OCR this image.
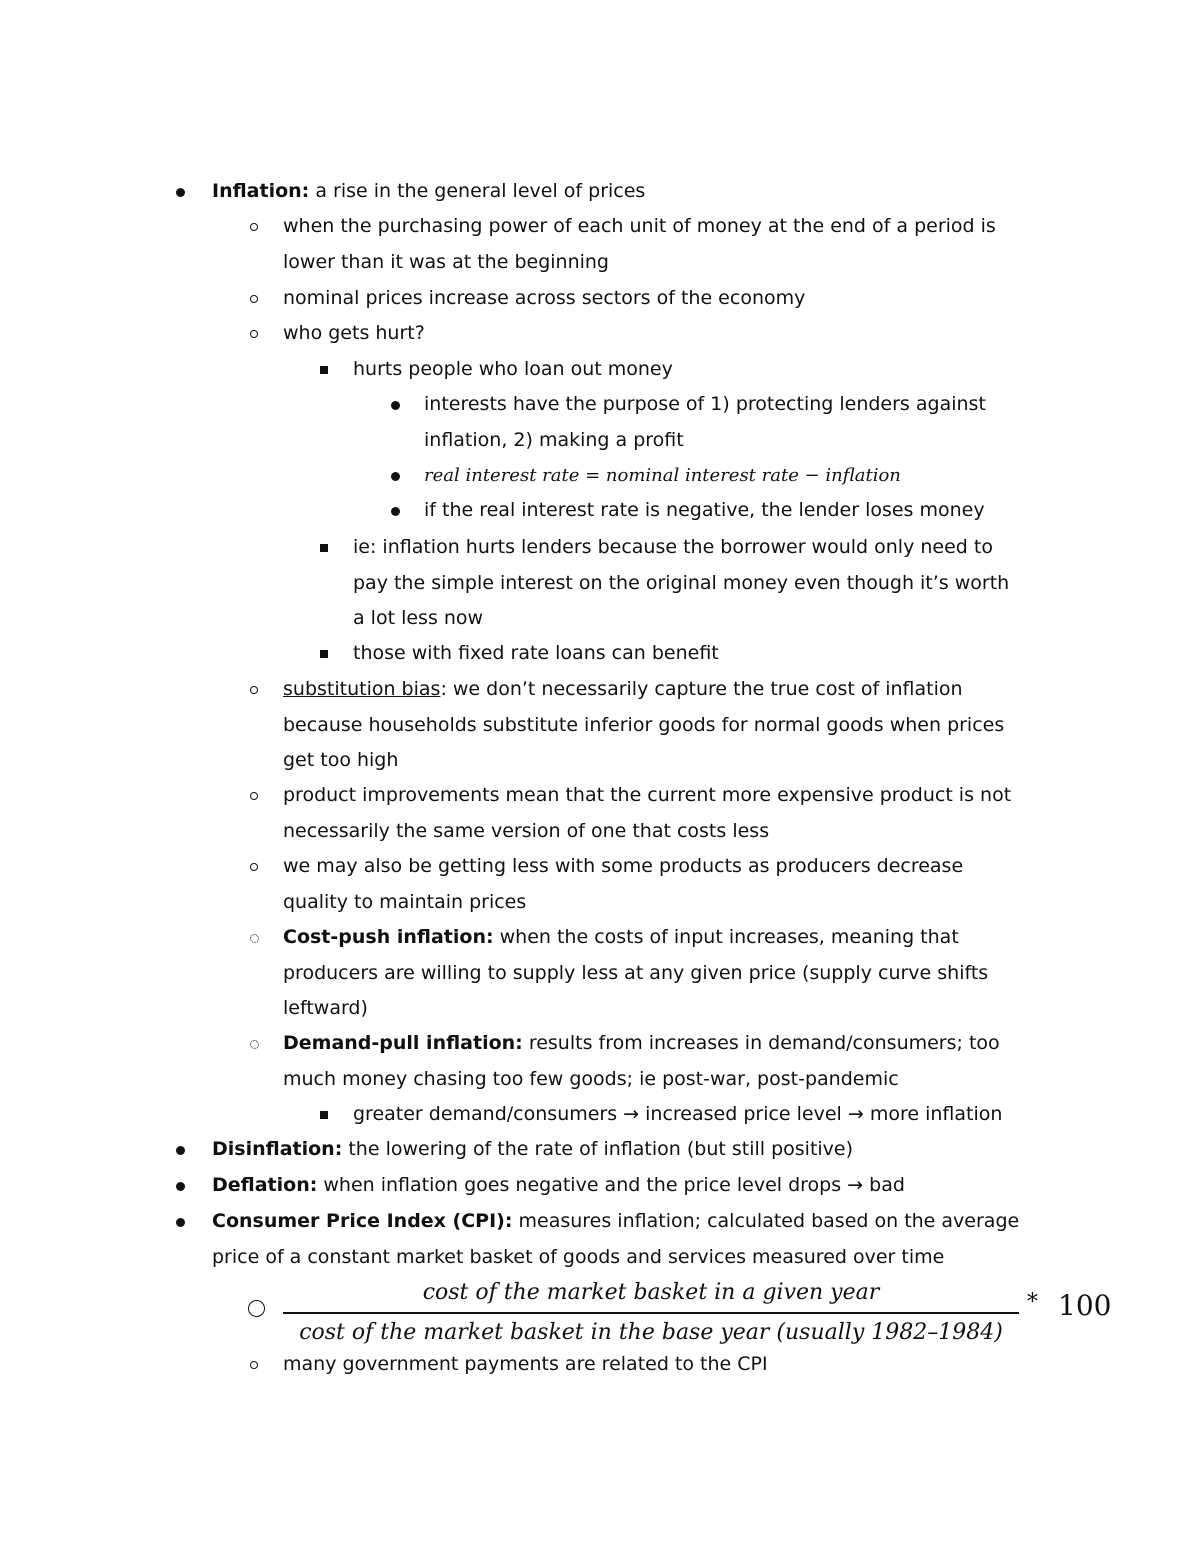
Inflation: a rise in the general level of prices
when the purchasing power of each unit of money at the end of a period is
lower than it was at the beginning
nominal prices increase across sectors of the economy
who gets hurt?
hurts people who loan out money
interests have the purpose of 1) protecting lenders against
inflation, 2) making a profit
real interest rate = nominal interest rate − inflation
if the real interest rate is negative, the lender loses money
ie: inflation hurts lenders because the borrower would only need to
pay the simple interest on the original money even though it’s worth
a lot less now
those with fixed rate loans can benefit
substitution bias: we don’t necessarily capture the true cost of inflation
because households substitute inferior goods for normal goods when prices
get too high
product improvements mean that the current more expensive product is not
necessarily the same version of one that costs less
we may also be getting less with some products as producers decrease
quality to maintain prices
Cost-push inflation: when the costs of input increases, meaning that
producers are willing to supply less at any given price (supply curve shifts
leftward)
Demand-pull inflation: results from increases in demand/consumers; too
much money chasing too few goods; ie post-war, post-pandemic
greater demand/consumers → increased price level → more inflation
Disinflation: the lowering of the rate of inflation (but still positive)
Deflation: when inflation goes negative and the price level drops → bad
Consumer Price Index (CPI): measures inflation; calculated based on the average
price of a constant market basket of goods and services measured over time
cost of the market basket in a given year
cost of the market basket in the base year (usually 1982–1984)
* 100
many government payments are related to the CPI
